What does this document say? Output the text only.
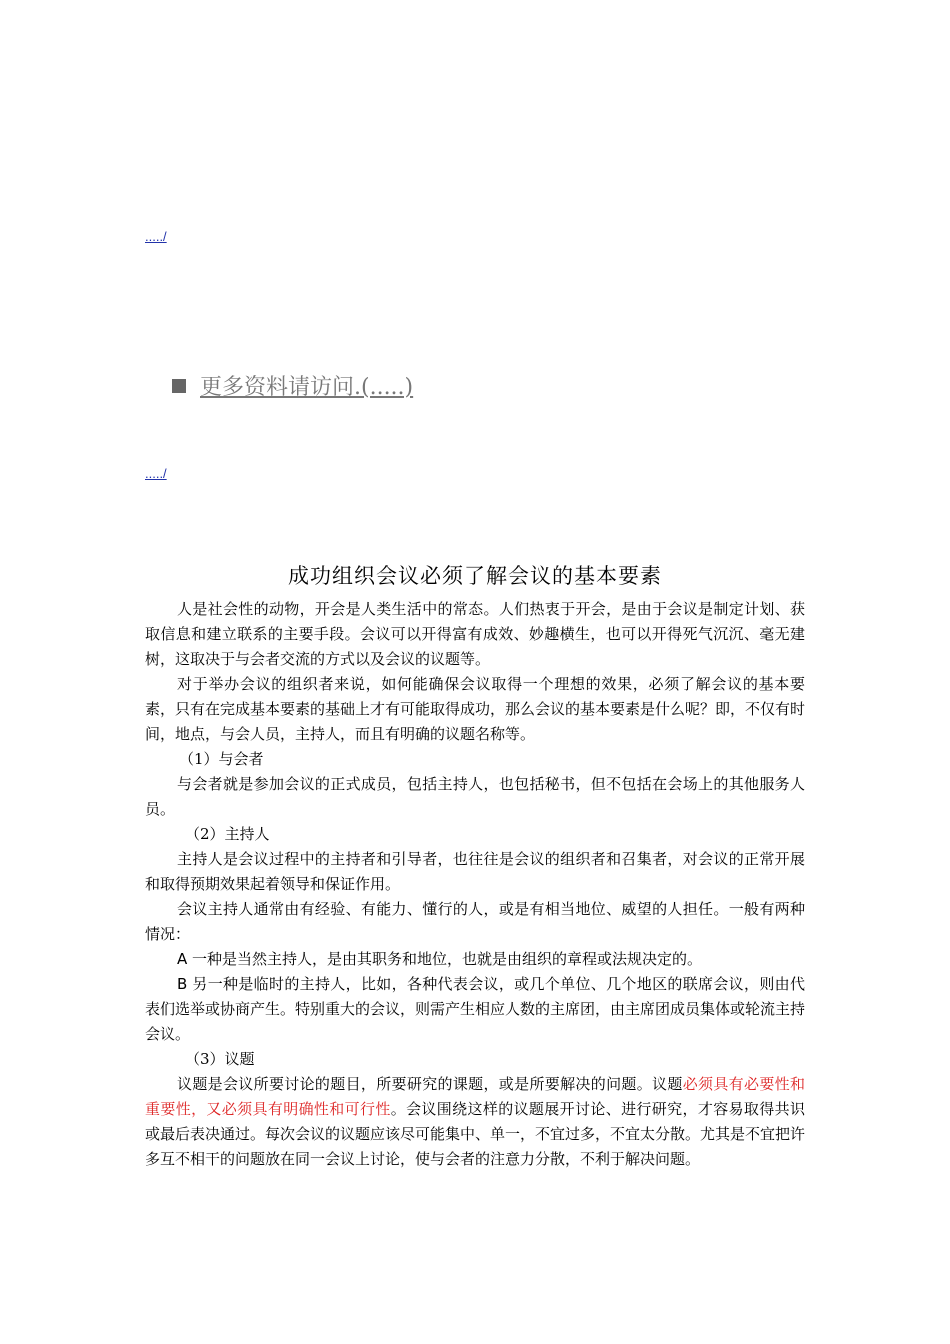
...../
更多资料请访问.(.....)
...../
成功组织会议必须了解会议的基本要素

人是社会性的动物，开会是人类生活中的常态。人们热衷于开会，是由于会议是制定计划、获取信息和建立联系的主要手段。会议可以开得富有成效、妙趣横生，也可以开得死气沉沉、毫无建树，这取决于与会者交流的方式以及会议的议题等。

对于举办会议的组织者来说，如何能确保会议取得一个理想的效果，必须了解会议的基本要素，只有在完成基本要素的基础上才有可能取得成功，那么会议的基本要素是什么呢？即，不仅有时间，地点，与会人员，主持人，而且有明确的议题名称等。

（1）与会者

与会者就是参加会议的正式成员，包括主持人，也包括秘书，但不包括在会场上的其他服务人员。

（2）主持人

主持人是会议过程中的主持者和引导者，也往往是会议的组织者和召集者，对会议的正常开展和取得预期效果起着领导和保证作用。

会议主持人通常由有经验、有能力、懂行的人，或是有相当地位、威望的人担任。一般有两种情况：

A 一种是当然主持人，是由其职务和地位，也就是由组织的章程或法规决定的。

B 另一种是临时的主持人，比如，各种代表会议，或几个单位、几个地区的联席会议，则由代表们选举或协商产生。特别重大的会议，则需产生相应人数的主席团，由主席团成员集体或轮流主持会议。

（3）议题

议题是会议所要讨论的题目，所要研究的课题，或是所要解决的问题。议题必须具有必要性和重要性，又必须具有明确性和可行性。会议围绕这样的议题展开讨论、进行研究，才容易取得共识或最后表决通过。每次会议的议题应该尽可能集中、单一，不宜过多，不宜太分散。尤其是不宜把许多互不相干的问题放在同一会议上讨论，使与会者的注意力分散，不利于解决问题。
